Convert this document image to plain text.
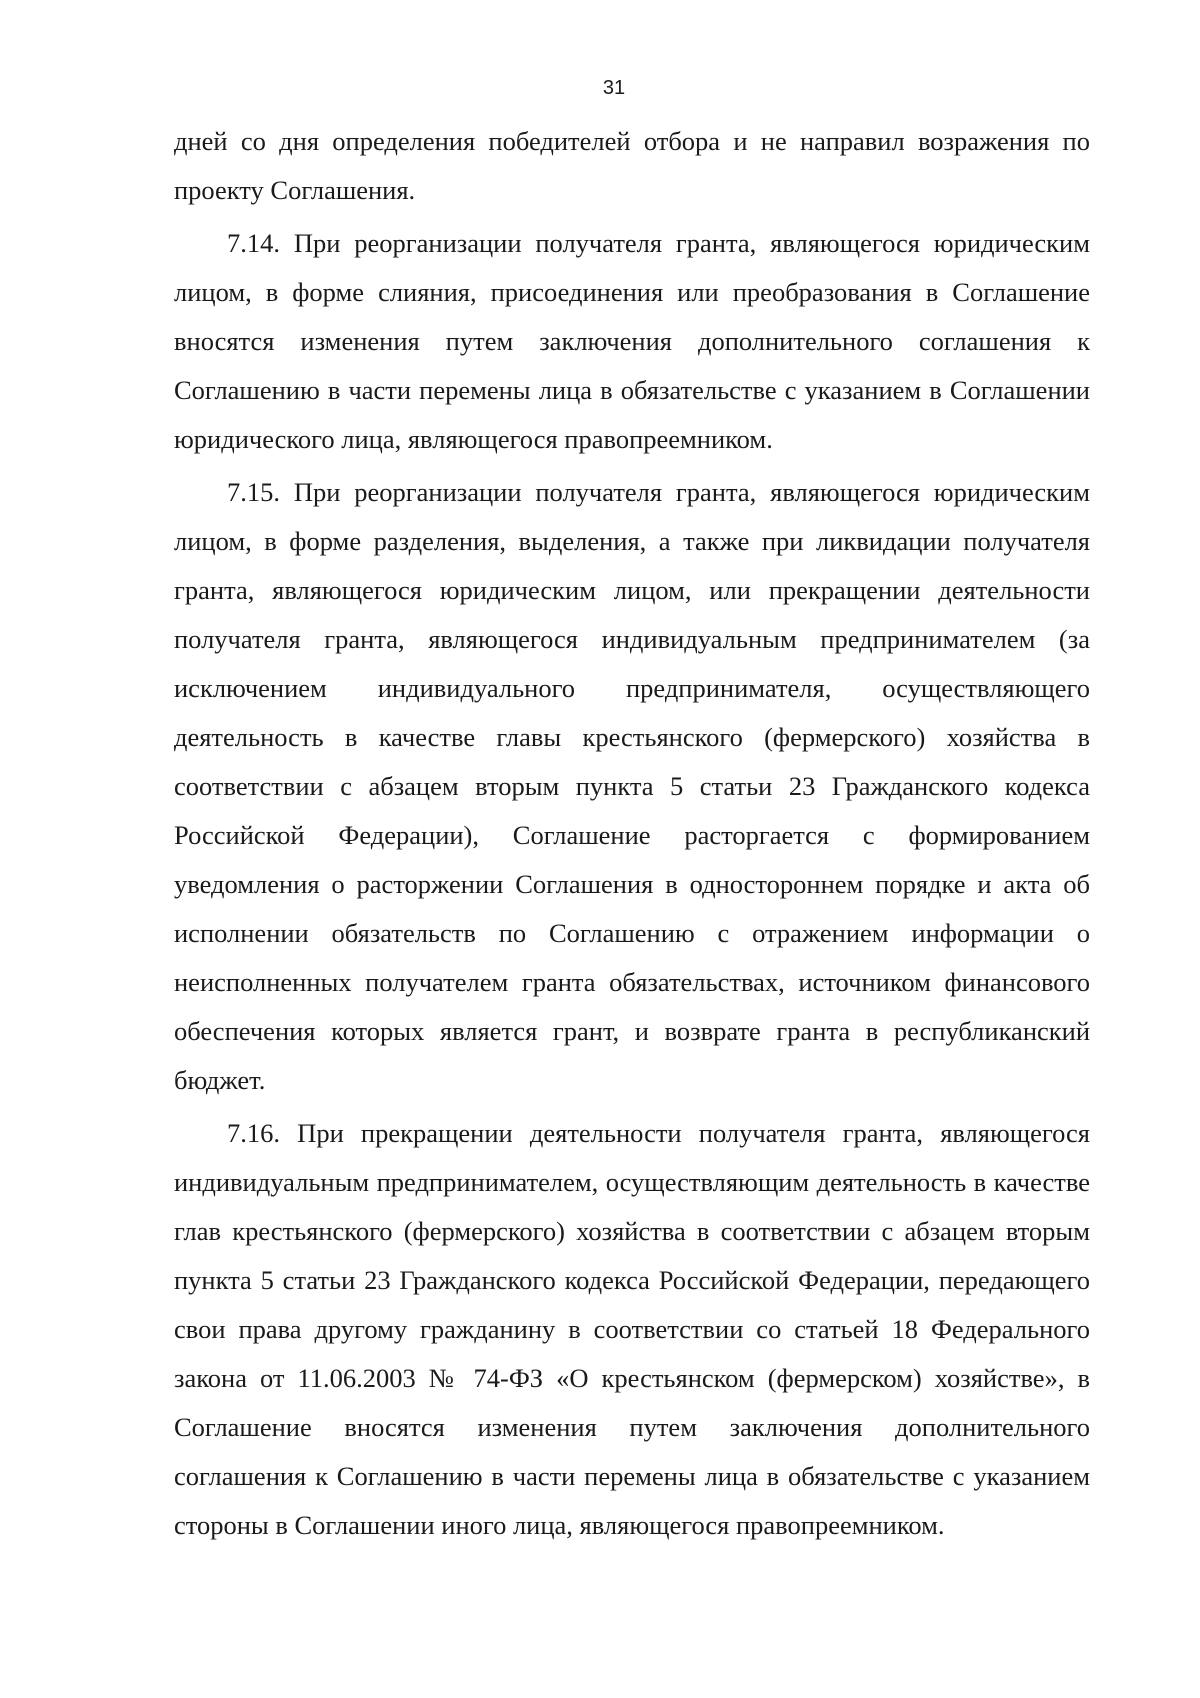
31

дней со дня определения победителей отбора и не направил возражения по проекту Соглашения.

7.14. При реорганизации получателя гранта, являющегося юридическим лицом, в форме слияния, присоединения или преобразования в Соглашение вносятся изменения путем заключения дополнительного соглашения к Соглашению в части перемены лица в обязательстве с указанием в Соглашении юридического лица, являющегося правопреемником.

7.15. При реорганизации получателя гранта, являющегося юридическим лицом, в форме разделения, выделения, а также при ликвидации получателя гранта, являющегося юридическим лицом, или прекращении деятельности получателя гранта, являющегося индивидуальным предпринимателем (за исключением индивидуального предпринимателя, осуществляющего деятельность в качестве главы крестьянского (фермерского) хозяйства в соответствии с абзацем вторым пункта 5 статьи 23 Гражданского кодекса Российской Федерации), Соглашение расторгается с формированием уведомления о расторжении Соглашения в одностороннем порядке и акта об исполнении обязательств по Соглашению с отражением информации о неисполненных получателем гранта обязательствах, источником финансового обеспечения которых является грант, и возврате гранта в республиканский бюджет.

7.16. При прекращении деятельности получателя гранта, являющегося индивидуальным предпринимателем, осуществляющим деятельность в качестве глав крестьянского (фермерского) хозяйства в соответствии с абзацем вторым пункта 5 статьи 23 Гражданского кодекса Российской Федерации, передающего свои права другому гражданину в соответствии со статьей 18 Федерального закона от 11.06.2003 № 74-ФЗ «О крестьянском (фермерском) хозяйстве», в Соглашение вносятся изменения путем заключения дополнительного соглашения к Соглашению в части перемены лица в обязательстве с указанием стороны в Соглашении иного лица, являющегося правопреемником.
